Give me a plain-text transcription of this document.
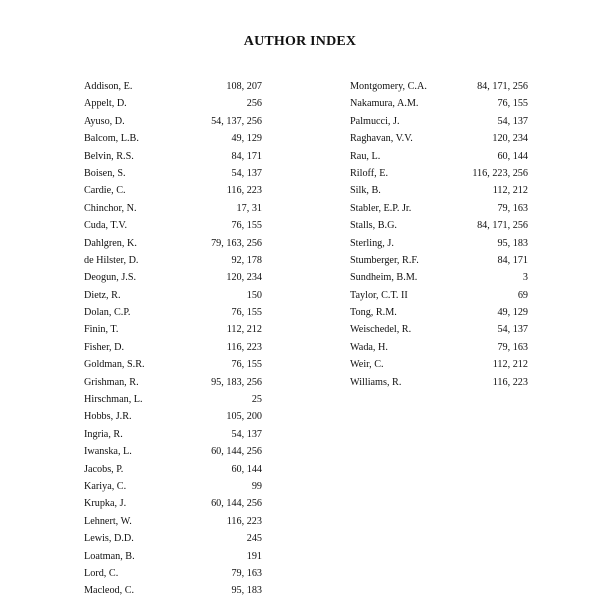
AUTHOR INDEX
Addison, E.	108, 207
Appelt, D.	256
Ayuso, D.	54, 137, 256
Balcom, L.B.	49, 129
Belvin, R.S.	84, 171
Boisen, S.	54, 137
Cardie, C.	116, 223
Chinchor, N.	17, 31
Cuda, T.V.	76, 155
Dahlgren, K.	79, 163, 256
de Hilster, D.	92, 178
Deogun, J.S.	120, 234
Dietz, R.	150
Dolan, C.P.	76, 155
Finin, T.	112, 212
Fisher, D.	116, 223
Goldman, S.R.	76, 155
Grishman, R.	95, 183, 256
Hirschman, L.	25
Hobbs, J.R.	105, 200
Ingria, R.	54, 137
Iwanska, L.	60, 144, 256
Jacobs, P.	60, 144
Kariya, C.	99
Krupka, J.	60, 144, 256
Lehnert, W.	116, 223
Lewis, D.D.	245
Loatman, B.	191
Lord, C.	79, 163
Macleod, C.	95, 183
Montgomery, C.A.	84, 171, 256
Nakamura, A.M.	76, 155
Palmucci, J.	54, 137
Raghavan, V.V.	120, 234
Rau, L.	60, 144
Riloff, E.	116, 223, 256
Silk, B.	112, 212
Stabler, E.P. Jr.	79, 163
Stalls, B.G.	84, 171, 256
Sterling, J.	95, 183
Stumberger, R.F.	84, 171
Sundheim, B.M.	3
Taylor, C.T. II	69
Tong, R.M.	49, 129
Weischedel, R.	54, 137
Wada, H.	79, 163
Weir, C.	112, 212
Williams, R.	116, 223
